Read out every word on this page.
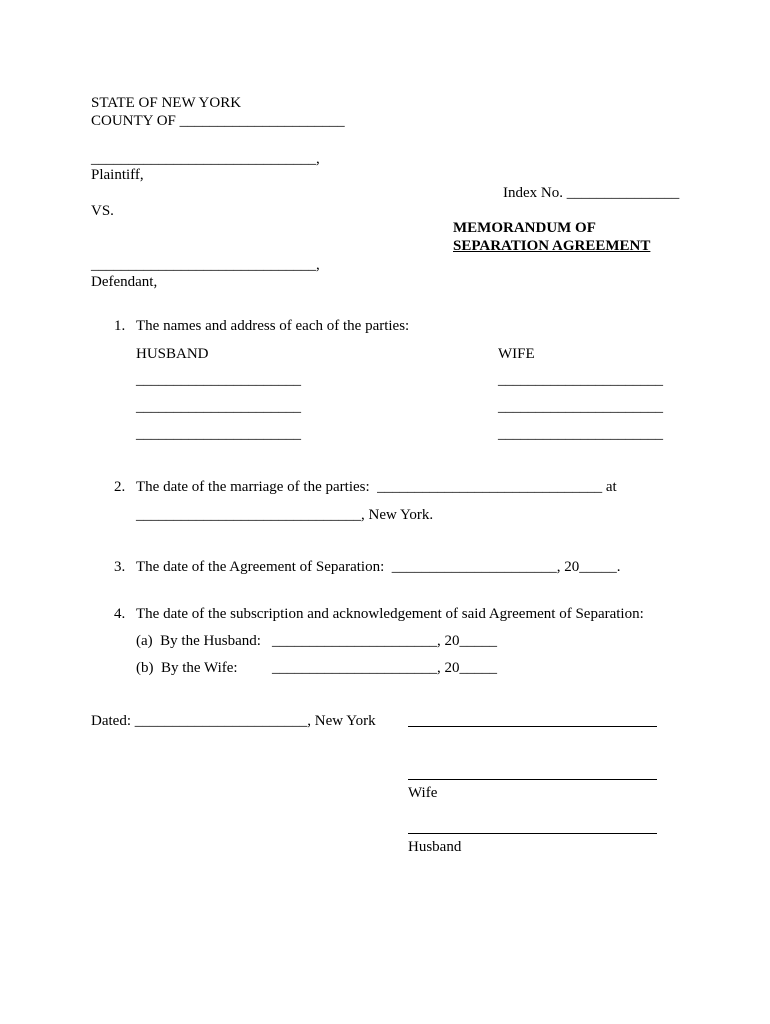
STATE OF NEW YORK
COUNTY OF ______________________
______________________________,
Plaintiff,
Index No. _______________
VS.
MEMORANDUM OF
SEPARATION AGREEMENT
______________________________,
Defendant,
1. The names and address of each of the parties:
HUSBAND	WIFE
______________________	______________________
______________________	______________________
______________________	______________________
2. The date of the marriage of the parties:  ______________________________ at
______________________________, New York.
3. The date of the Agreement of Separation:  ______________________, 20_____.
4. The date of the subscription and acknowledgement of said Agreement of Separation:
(a)  By the Husband: ______________________, 20_____
(b)  By the Wife: ______________________, 20_____
Dated: _______________________, New York
Wife
Husband
